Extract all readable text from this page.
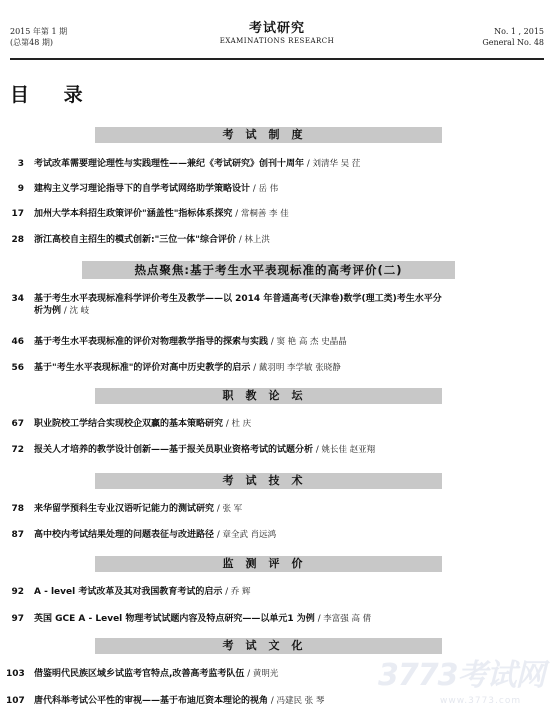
2015 年第 1 期
(总第48 期)
考试研究
EXAMINATIONS RESEARCH
No. 1 , 2015
General No. 48
目 录
考试制度
3 考试改革需要理论理性与实践理性——兼纪《考试研究》创刊十周年 / 刘清华 吴 茳
9 建构主义学习理论指导下的自学考试网络助学策略设计 / 岳 伟
17 加州大学本科招生政策评价"涵盖性"指标体系探究 / 常桐善 李 佳
28 浙江高校自主招生的模式创新:"三位一体"综合评价 / 林上洪
热点聚焦:基于考生水平表现标准的高考评价(二)
34 基于考生水平表现标准科学评价考生及教学——以 2014 年普通高考(天津卷)数学(理工类)考生水平分
析为例 / 沈 岐
46 基于考生水平表现标准的评价对物理教学指导的探索与实践 / 窦 艳 高 杰 史晶晶
56 基于"考生水平表现标准"的评价对高中历史教学的启示 / 戴羽明 李学敏 张晓静
职教论坛
67 职业院校工学结合实现校企双赢的基本策略研究 / 杜 庆
72 报关人才培养的教学设计创新——基于报关员职业资格考试的试题分析 / 姚长佳 赵亚翔
考试技术
78 来华留学预科生专业汉语听记能力的测试研究 / 张 军
87 高中校内考试结果处理的问题表征与改进路径 / 章全武 肖远鸿
监测评价
92 A - level 考试改革及其对我国教育考试的启示 / 乔 辉
97 英国 GCE A - Level 物理考试试题内容及特点研究——以单元1 为例 / 李富强 高 倩
考试文化
3773考试网
www.3773.com
103 借鉴明代民族区域乡试监考官特点,改善高考监考队伍 / 黄明光
107 唐代科举考试公平性的审视——基于布迪厄资本理论的视角 / 冯建民 张 琴
